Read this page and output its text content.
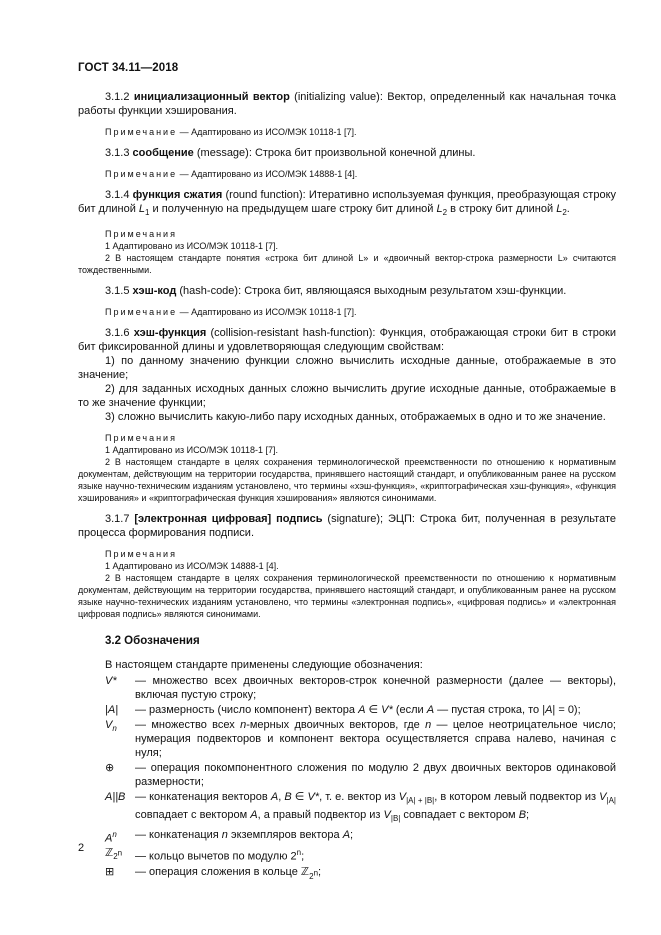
ГОСТ 34.11—2018

3.1.2 инициализационный вектор (initializing value): Вектор, определенный как начальная точка работы функции хэширования.

Примечание — Адаптировано из ИСО/МЭК 10118-1 [7].

3.1.3 сообщение (message): Строка бит произвольной конечной длины.

Примечание — Адаптировано из ИСО/МЭК 14888-1 [4].

3.1.4 функция сжатия (round function): Итеративно используемая функция, преобразующая строку бит длиной $L_1$ и полученную на предыдущем шаге строку бит длиной $L_2$ в строку бит длиной $L_2$.

Примечания

1 Адаптировано из ИСО/МЭК 10118-1 [7].

2 В настоящем стандарте понятия «строка бит длиной L» и «двоичный вектор-строка размерности L» считаются тождественными.

3.1.5 хэш-код (hash-code): Строка бит, являющаяся выходным результатом хэш-функции.

Примечание — Адаптировано из ИСО/МЭК 10118-1 [7].

3.1.6 хэш-функция (collision-resistant hash-function): Функция, отображающая строки бит в строки бит фиксированной длины и удовлетворяющая следующим свойствам:

1) по данному значению функции сложно вычислить исходные данные, отображаемые в это значение;

2) для заданных исходных данных сложно вычислить другие исходные данные, отображаемые в то же значение функции;

3) сложно вычислить какую-либо пару исходных данных, отображаемых в одно и то же значение.

Примечания

1 Адаптировано из ИСО/МЭК 10118-1 [7].

2 В настоящем стандарте в целях сохранения терминологической преемственности по отношению к нормативным документам, действующим на территории государства, принявшего настоящий стандарт, и опубликованным ранее на русском языке научно-техническим изданиям установлено, что термины «хэш-функция», «криптографическая хэш-функция», «функция хэширования» и «криптографическая функция хэширования» являются синонимами.

3.1.7 [электронная цифровая] подпись (signature); ЭЦП: Строка бит, полученная в результате процесса формирования подписи.

Примечания

1 Адаптировано из ИСО/МЭК 14888-1 [4].

2 В настоящем стандарте в целях сохранения терминологической преемственности по отношению к нормативным документам, действующим на территории государства, принявшего настоящий стандарт, и опубликованным ранее на русском языке научно-технических изданиям установлено, что термины «электронная подпись», «цифровая подпись» и «электронная цифровая подпись» являются синонимами.

3.2 Обозначения

В настоящем стандарте применены следующие обозначения:

V*	— множество всех двоичных векторов-строк конечной размерности (далее — векторы), включая пустую строку;
|A|	— размерность (число компонент) вектора A ∈ V* (если A — пустая строка, то |A| = 0);
$V_n$	— множество всех n-мерных двоичных векторов, где n — целое неотрицательное число; нумерация подвекторов и компонент вектора осуществляется справа налево, начиная с нуля;
⊕	— операция покомпонентного сложения по модулю 2 двух двоичных векторов одинаковой размерности;
A||B — конкатенация векторов A, B ∈ V*, т. е. вектор из $V_{|A| + |B|}$, в котором левый подвектор из $V_{|A|}$ совпадает с вектором A, а правый подвектор из $V_{|B|}$ совпадает с вектором B;
$A^n$	— конкатенация n экземпляров вектора A;
ℤ$_{2^n}$	— кольцо вычетов по модулю 2$^n$;
⊞	— операция сложения в кольце ℤ$_{2^n}$;
2
